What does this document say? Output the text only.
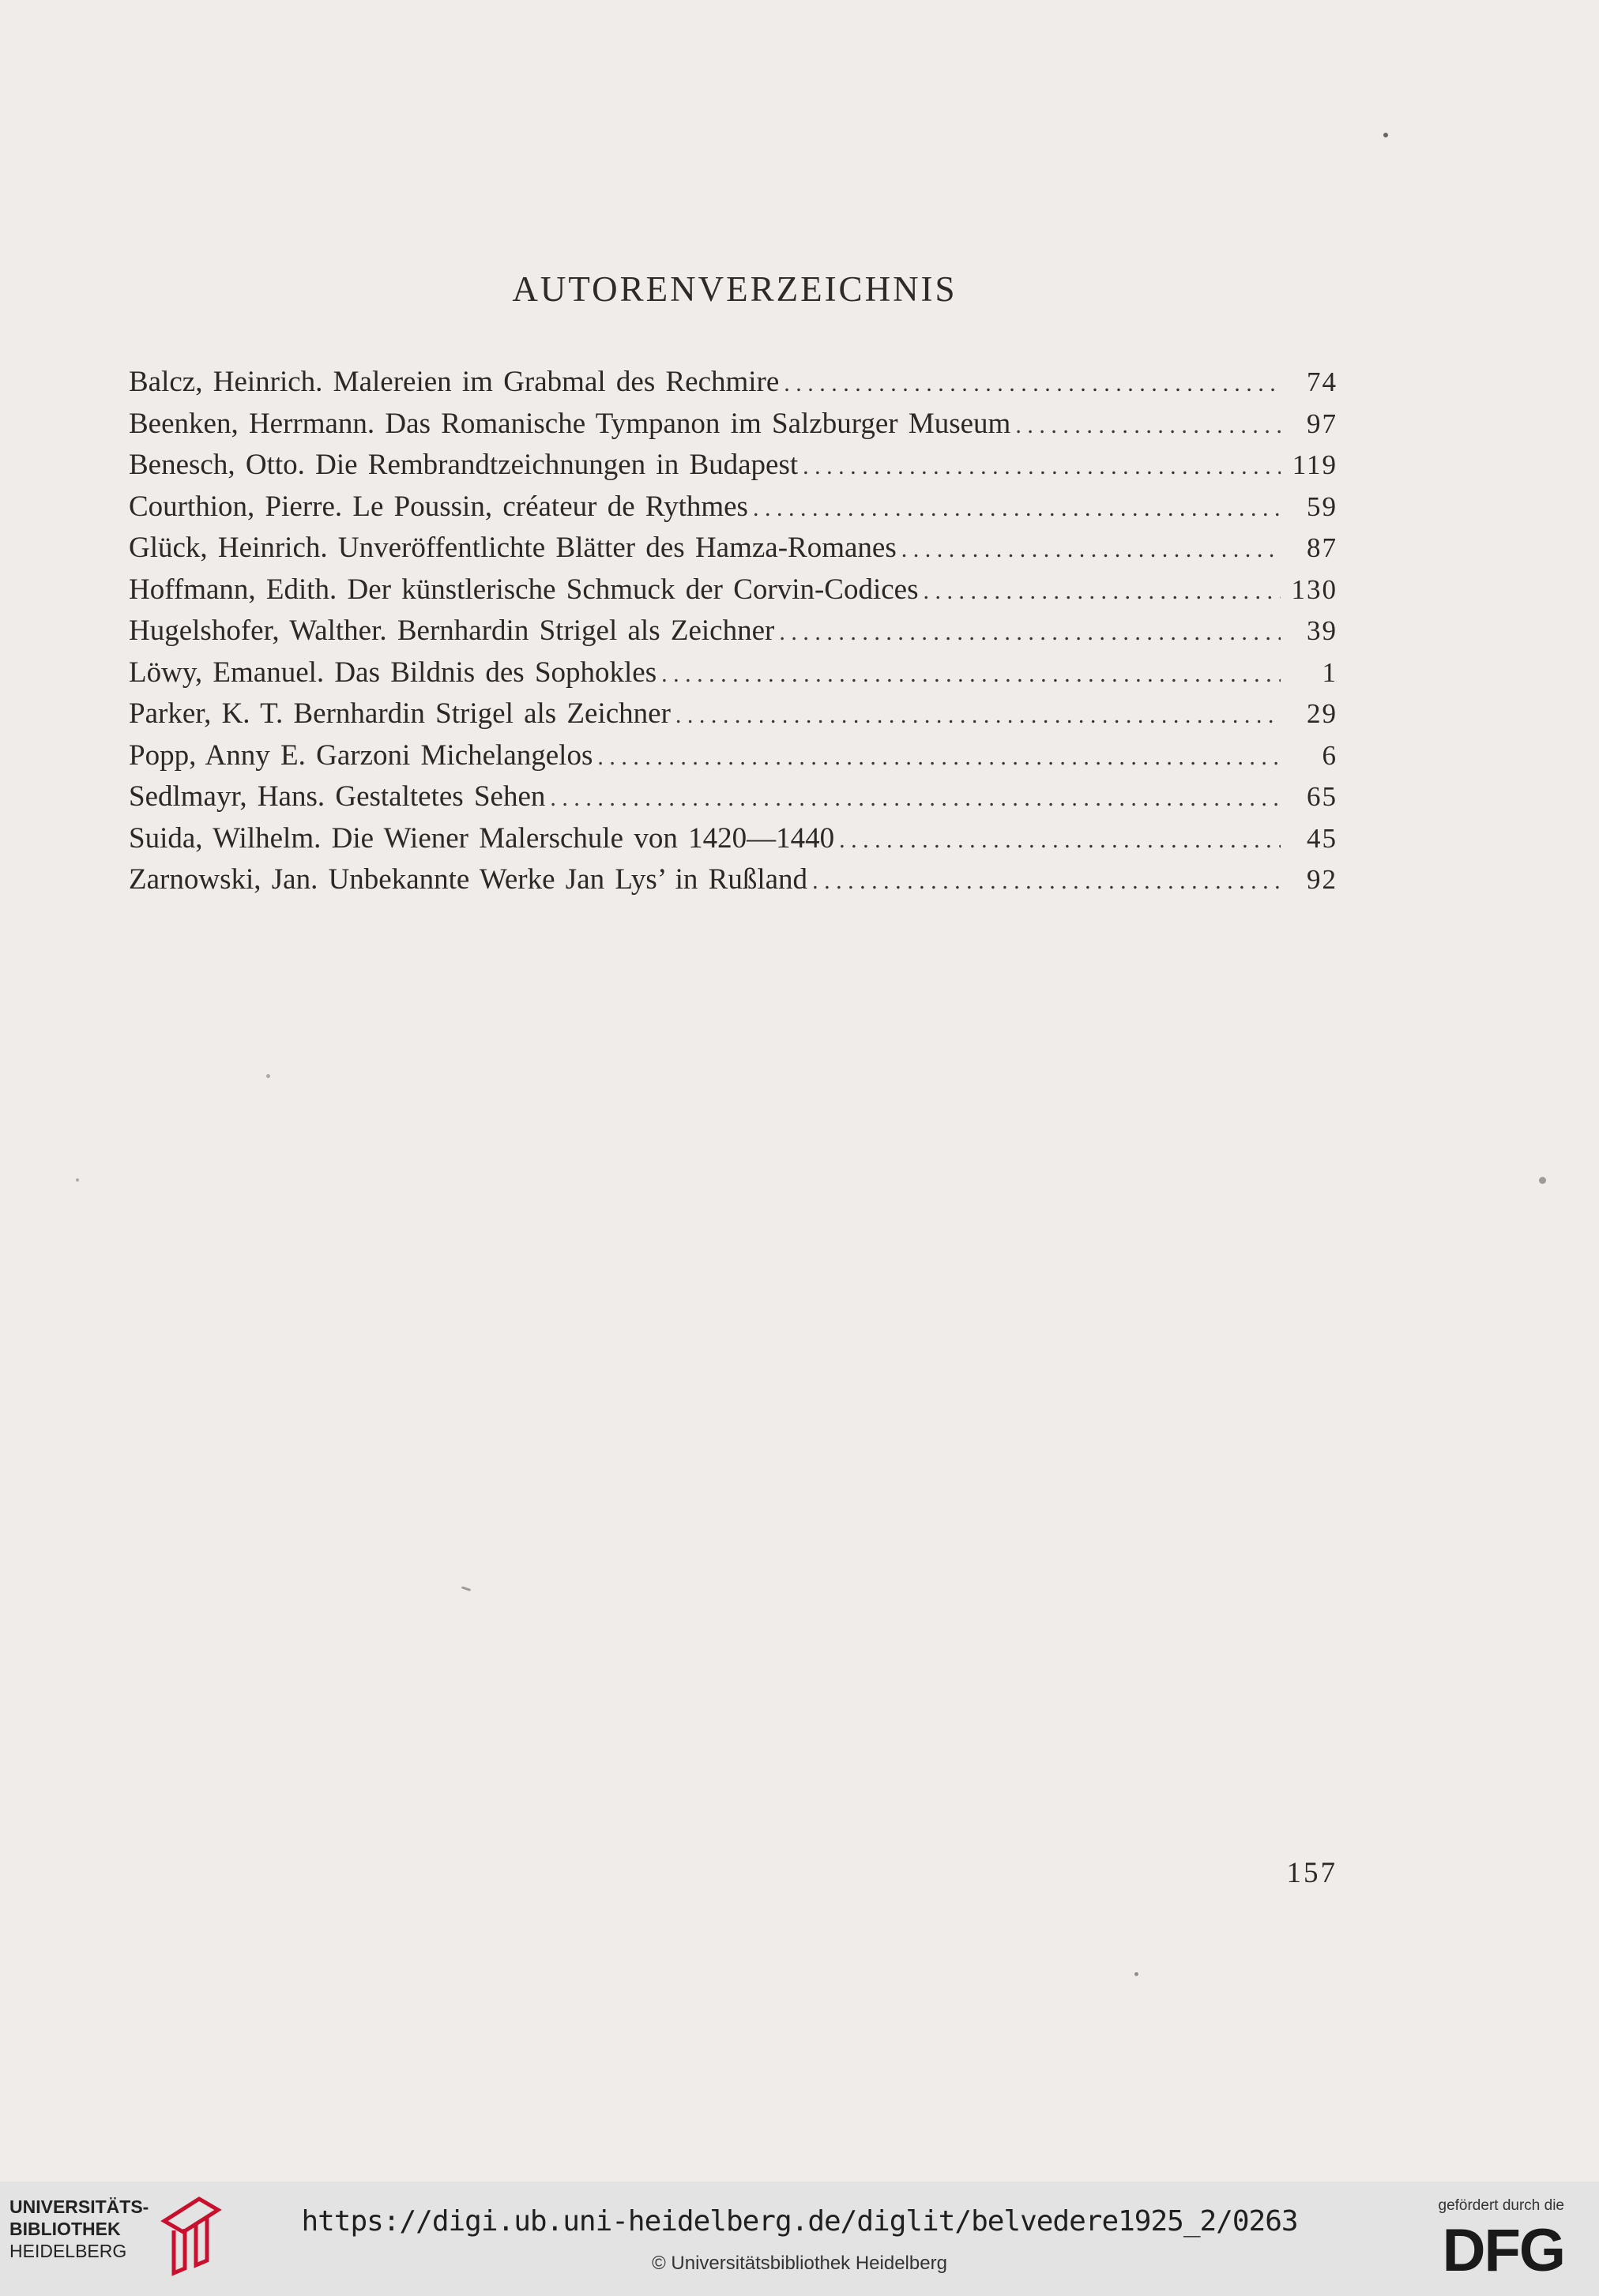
AUTORENVERZEICHNIS
Balcz, Heinrich. Malereien im Grabmal des Rechmire . . .	74
Beenken, Herrmann. Das Romanische Tympanon im Salzburger Museum . . .	97
Benesch, Otto. Die Rembrandtzeichnungen in Budapest . . .	119
Courthion, Pierre. Le Poussin, créateur de Rythmes . . .	59
Glück, Heinrich. Unveröffentlichte Blätter des Hamza-Romanes . . .	87
Hoffmann, Edith. Der künstlerische Schmuck der Corvin-Codices . . .	130
Hugelshofer, Walther. Bernhardin Strigel als Zeichner . . .	39
Löwy, Emanuel. Das Bildnis des Sophokles . . .	1
Parker, K. T. Bernhardin Strigel als Zeichner . . .	29
Popp, Anny E. Garzoni Michelangelos . . .	6
Sedlmayr, Hans. Gestaltetes Sehen . . .	65
Suida, Wilhelm. Die Wiener Malerschule von 1420—1440 . . .	45
Zarnowski, Jan. Unbekannte Werke Jan Lys’ in Rußland . . .	92
157
UNIVERSITÄTS-
BIBLIOTHEK
HEIDELBERG
https://digi.ub.uni-heidelberg.de/diglit/belvedere1925_2/0263
© Universitätsbibliothek Heidelberg
gefördert durch die
DFG
